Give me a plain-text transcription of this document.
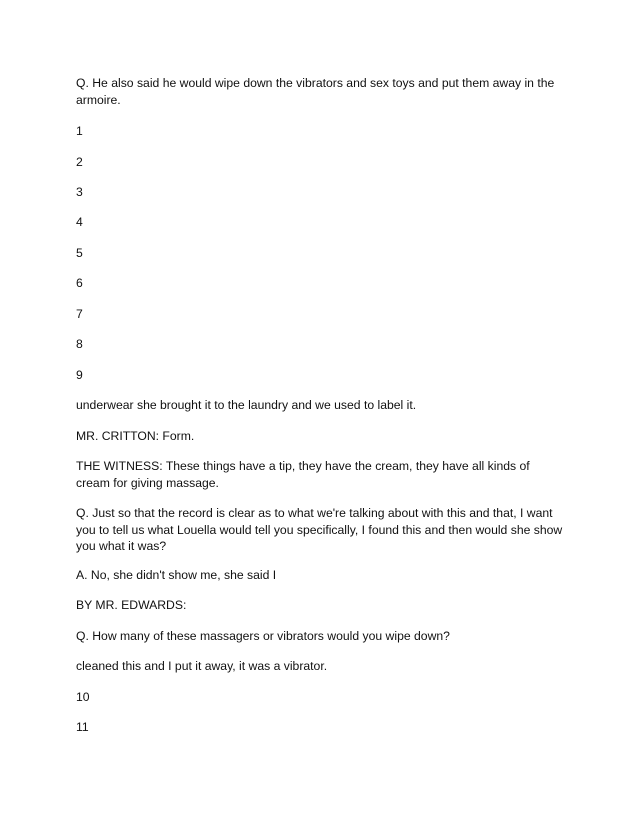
Q. He also said he would wipe down the vibrators and sex toys and put them away in the armoire.

1

2

3

4

5

6

7

8

9

underwear she brought it to the laundry and we used to label it.

MR. CRITTON: Form.

THE WITNESS: These things have a tip, they have the cream, they have all kinds of cream for giving massage.

Q. Just so that the record is clear as to what we're talking about with this and that, I want you to tell us what Louella would tell you specifically, I found this and then would she show you what it was?

A. No, she didn't show me, she said I

BY MR. EDWARDS:

Q. How many of these massagers or vibrators would you wipe down?

cleaned this and I put it away, it was a vibrator.

10

11
